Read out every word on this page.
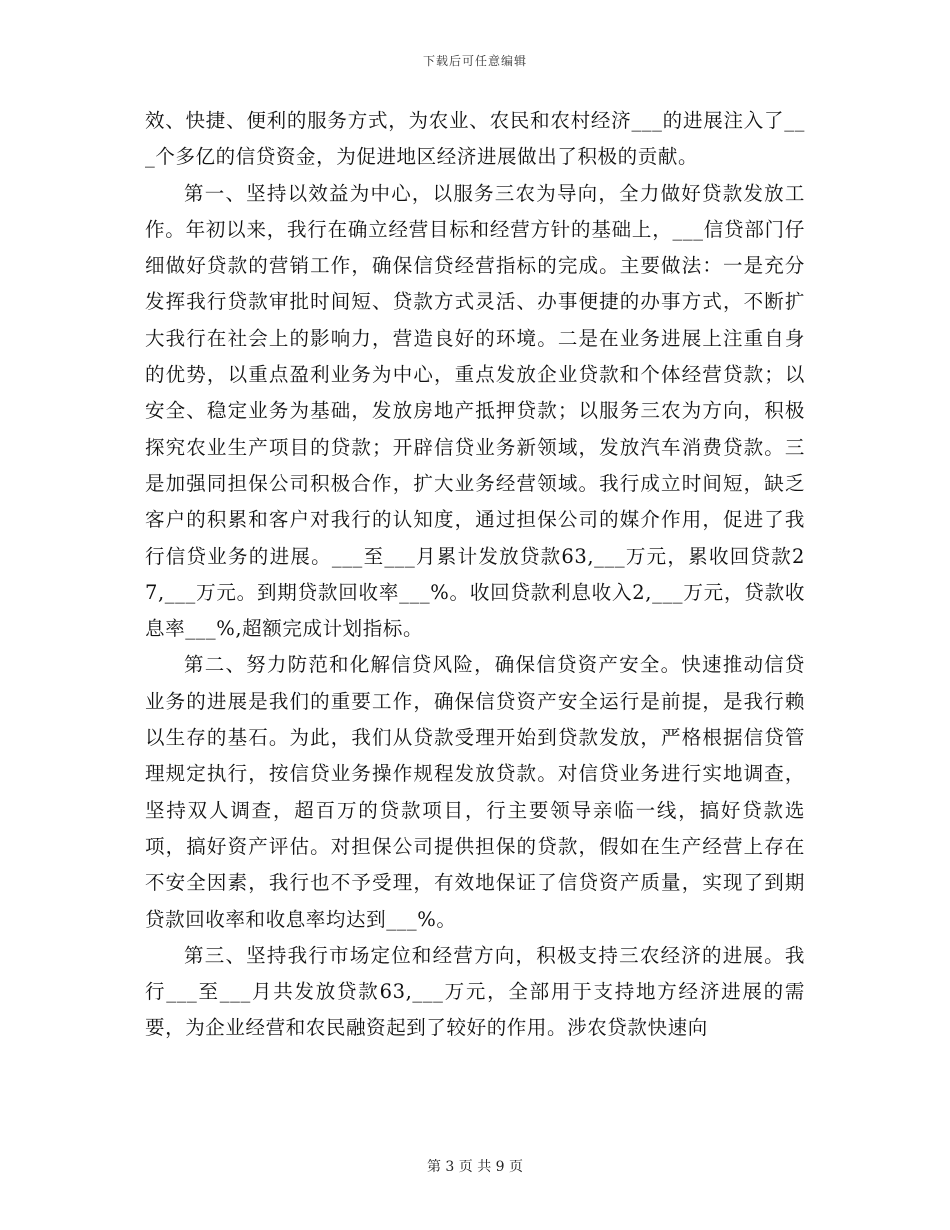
下载后可任意编辑

效、快捷、便利的服务方式，为农业、农民和农村经济___的进展注入了___个多亿的信贷资金，为促进地区经济进展做出了积极的贡献。

第一、坚持以效益为中心，以服务三农为导向，全力做好贷款发放工作。年初以来，我行在确立经营目标和经营方针的基础上，___信贷部门仔细做好贷款的营销工作，确保信贷经营指标的完成。主要做法：一是充分发挥我行贷款审批时间短、贷款方式灵活、办事便捷的办事方式，不断扩大我行在社会上的影响力，营造良好的环境。二是在业务进展上注重自身的优势，以重点盈利业务为中心，重点发放企业贷款和个体经营贷款；以安全、稳定业务为基础，发放房地产抵押贷款；以服务三农为方向，积极探究农业生产项目的贷款；开辟信贷业务新领域，发放汽车消费贷款。三是加强同担保公司积极合作，扩大业务经营领域。我行成立时间短，缺乏客户的积累和客户对我行的认知度，通过担保公司的媒介作用，促进了我行信贷业务的进展。___至___月累计发放贷款63,___万元，累收回贷款27,___万元。到期贷款回收率___%。收回贷款利息收入2,___万元，贷款收息率___%,超额完成计划指标。

第二、努力防范和化解信贷风险，确保信贷资产安全。快速推动信贷业务的进展是我们的重要工作，确保信贷资产安全运行是前提，是我行赖以生存的基石。为此，我们从贷款受理开始到贷款发放，严格根据信贷管理规定执行，按信贷业务操作规程发放贷款。对信贷业务进行实地调查，坚持双人调查，超百万的贷款项目，行主要领导亲临一线，搞好贷款选项，搞好资产评估。对担保公司提供担保的贷款，假如在生产经营上存在不安全因素，我行也不予受理，有效地保证了信贷资产质量，实现了到期贷款回收率和收息率均达到___%。

第三、坚持我行市场定位和经营方向，积极支持三农经济的进展。我行___至___月共发放贷款63,___万元，全部用于支持地方经济进展的需要，为企业经营和农民融资起到了较好的作用。涉农贷款快速向

第 3 页 共 9 页
